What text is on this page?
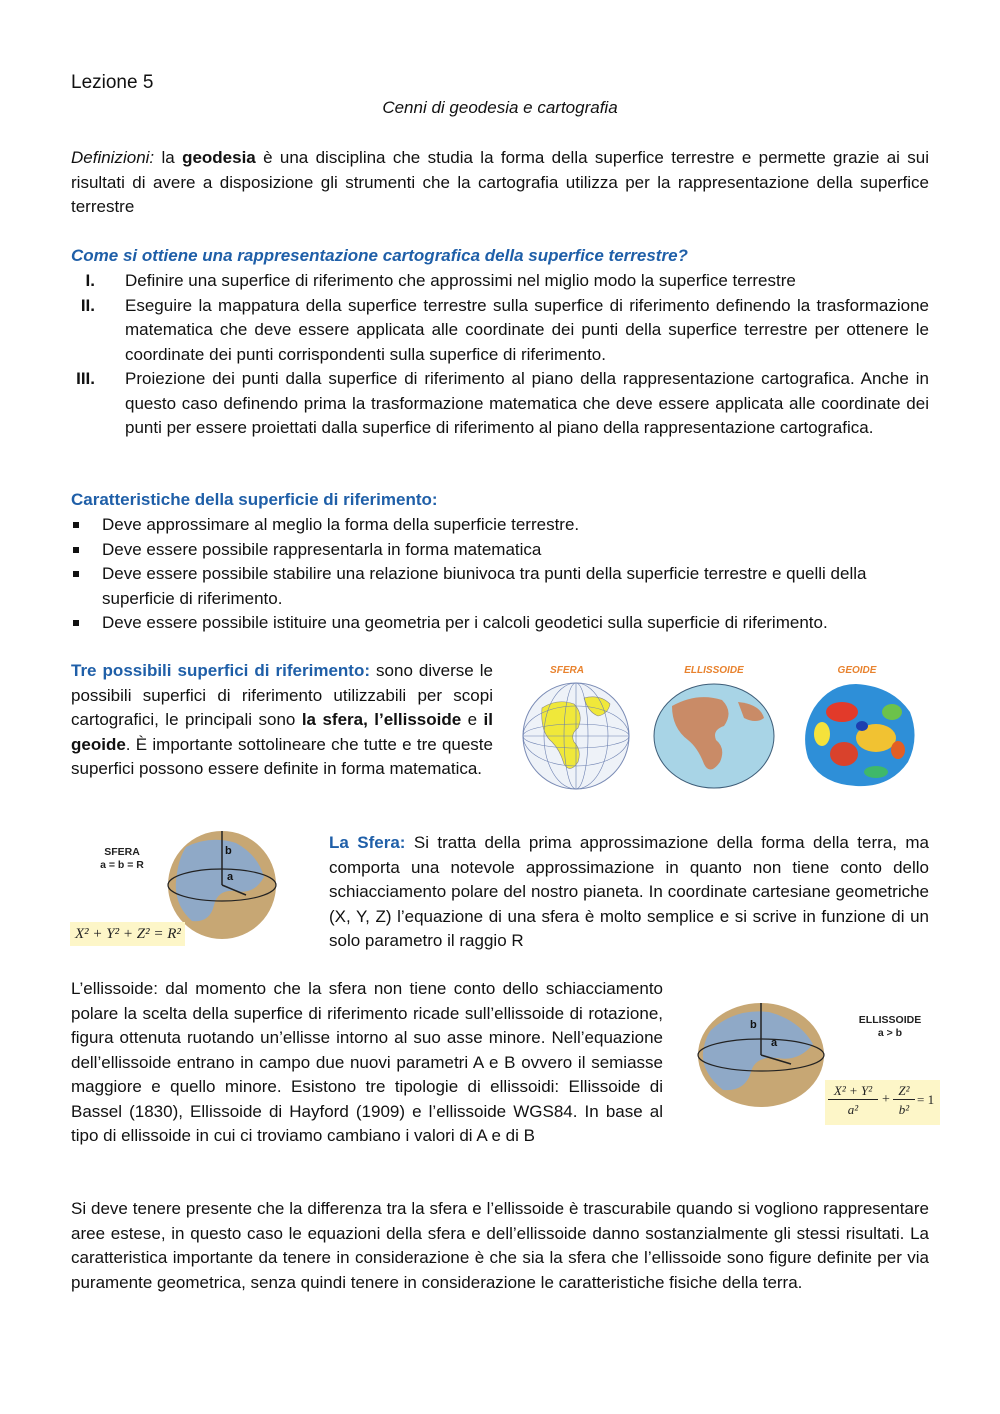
Lezione 5
Cenni di geodesia e cartografia
Definizioni: la geodesia è una disciplina che studia la forma della superfice terrestre e permette grazie ai sui risultati di avere a disposizione gli strumenti che la cartografia utilizza per la rappresentazione della superfice terrestre
Come si ottiene una rappresentazione cartografica della superfice terrestre?
I. Definire una superfice di riferimento che approssimi nel miglio modo la superfice terrestre
II. Eseguire la mappatura della superfice terrestre sulla superfice di riferimento definendo la trasformazione matematica che deve essere applicata alle coordinate dei punti della superfice terrestre per ottenere le coordinate dei punti corrispondenti sulla superfice di riferimento.
III. Proiezione dei punti dalla superfice di riferimento al piano della rappresentazione cartografica. Anche in questo caso definendo prima la trasformazione matematica che deve essere applicata alle coordinate dei punti per essere proiettati dalla superfice di riferimento al piano della rappresentazione cartografica.
Caratteristiche della superficie di riferimento:
Deve approssimare al meglio la forma della superficie terrestre.
Deve essere possibile rappresentarla in forma matematica
Deve essere possibile stabilire una relazione biunivoca tra punti della superficie terrestre e quelli della superficie di riferimento.
Deve essere possibile istituire una geometria per i calcoli geodetici sulla superficie di riferimento.
Tre possibili superfici di riferimento: sono diverse le possibili superfici di riferimento utilizzabili per scopi cartografici, le principali sono la sfera, l’ellissoide e il geoide. È importante sottolineare che tutte e tre queste superfici possono essere definite in forma matematica.
SFERA	ELLISSOIDE	GEOIDE
SFERA
a = b = R
b
a
X² + Y² + Z² = R²
La Sfera: Si tratta della prima approssimazione della forma della terra, ma comporta una notevole approssimazione in quanto non tiene conto dello schiacciamento polare del nostro pianeta. In coordinate cartesiane geometriche (X, Y, Z) l’equazione di una sfera è molto semplice e si scrive in funzione di un solo parametro il raggio R
L’ellissoide: dal momento che la sfera non tiene conto dello schiacciamento polare la scelta della superfice di riferimento ricade sull’ellissoide di rotazione, figura ottenuta ruotando un’ellisse intorno al suo asse minore. Nell’equazione dell’ellissoide entrano in campo due nuovi parametri A e B ovvero il semiasse maggiore e quello minore. Esistono tre tipologie di ellissoidi: Ellissoide di Bassel (1830), Ellissoide di Hayford (1909) e l’ellissoide WGS84. In base al tipo di ellissoide in cui ci troviamo cambiano i valori di A e di B
b
a
ELLISSOIDE
a > b
X² + Y²
a²
+
Z²
b²
= 1
Si deve tenere presente che la differenza tra la sfera e l’ellissoide è trascurabile quando si vogliono rappresentare aree estese, in questo caso le equazioni della sfera e dell’ellissoide danno sostanzialmente gli stessi risultati. La caratteristica importante da tenere in considerazione è che sia la sfera che l’ellissoide sono figure definite per via puramente geometrica, senza quindi tenere in considerazione le caratteristiche fisiche della terra.
